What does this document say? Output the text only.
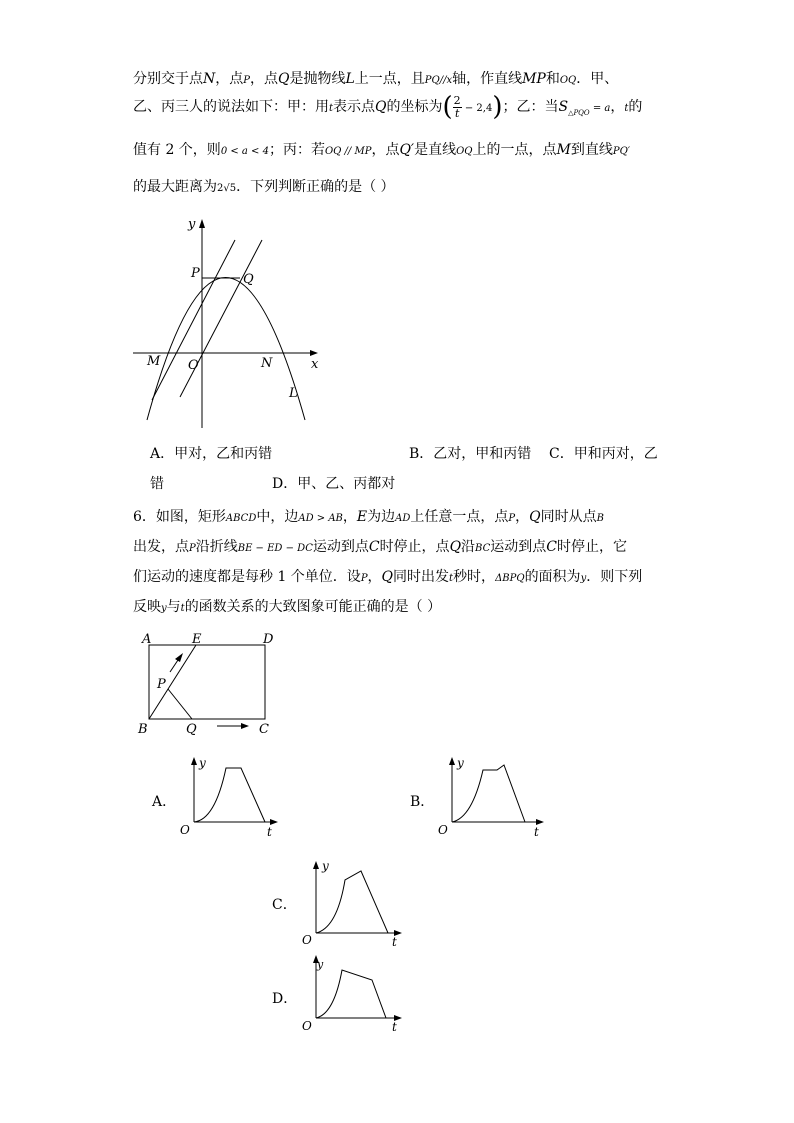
分别交于点N，点P，点Q是抛物线L上一点，且PQ//x轴，作直线MP和OQ．甲、
乙、丙三人的说法如下：甲：用t表示点Q的坐标为( $\frac{2}{t} - 2,4$)；乙：当$S_{\triangle PQO} = a$，t的
值有 2 个，则0 < a < 4；丙：若OQ // MP，点Q′是直线OQ上的一点，点M到直线PQ′
的最大距离为2√5．下列判断正确的是（ ）
y
x
O
M	N
P	Q
L
A．甲对，乙和丙错	B．乙对，甲和丙错 C．甲和丙对，乙
错	D．甲、乙、丙都对
6．如图，矩形ABCD中，边AD > AB，E为边AD上任意一点，点P，Q同时从点B
出发，点P沿折线BE − ED − DC运动到点C时停止，点Q沿BC运动到点C时停止，它
们运动的速度都是每秒 1 个单位．设P，Q同时出发t秒时，ΔBPQ的面积为y．则下列
反映y与t的函数关系的大致图象可能正确的是（ ）
A	E	D
B	Q	C
P
A．
y
O	t
B．
y
O	t
C．
y
O	t
D．
y
O	t
